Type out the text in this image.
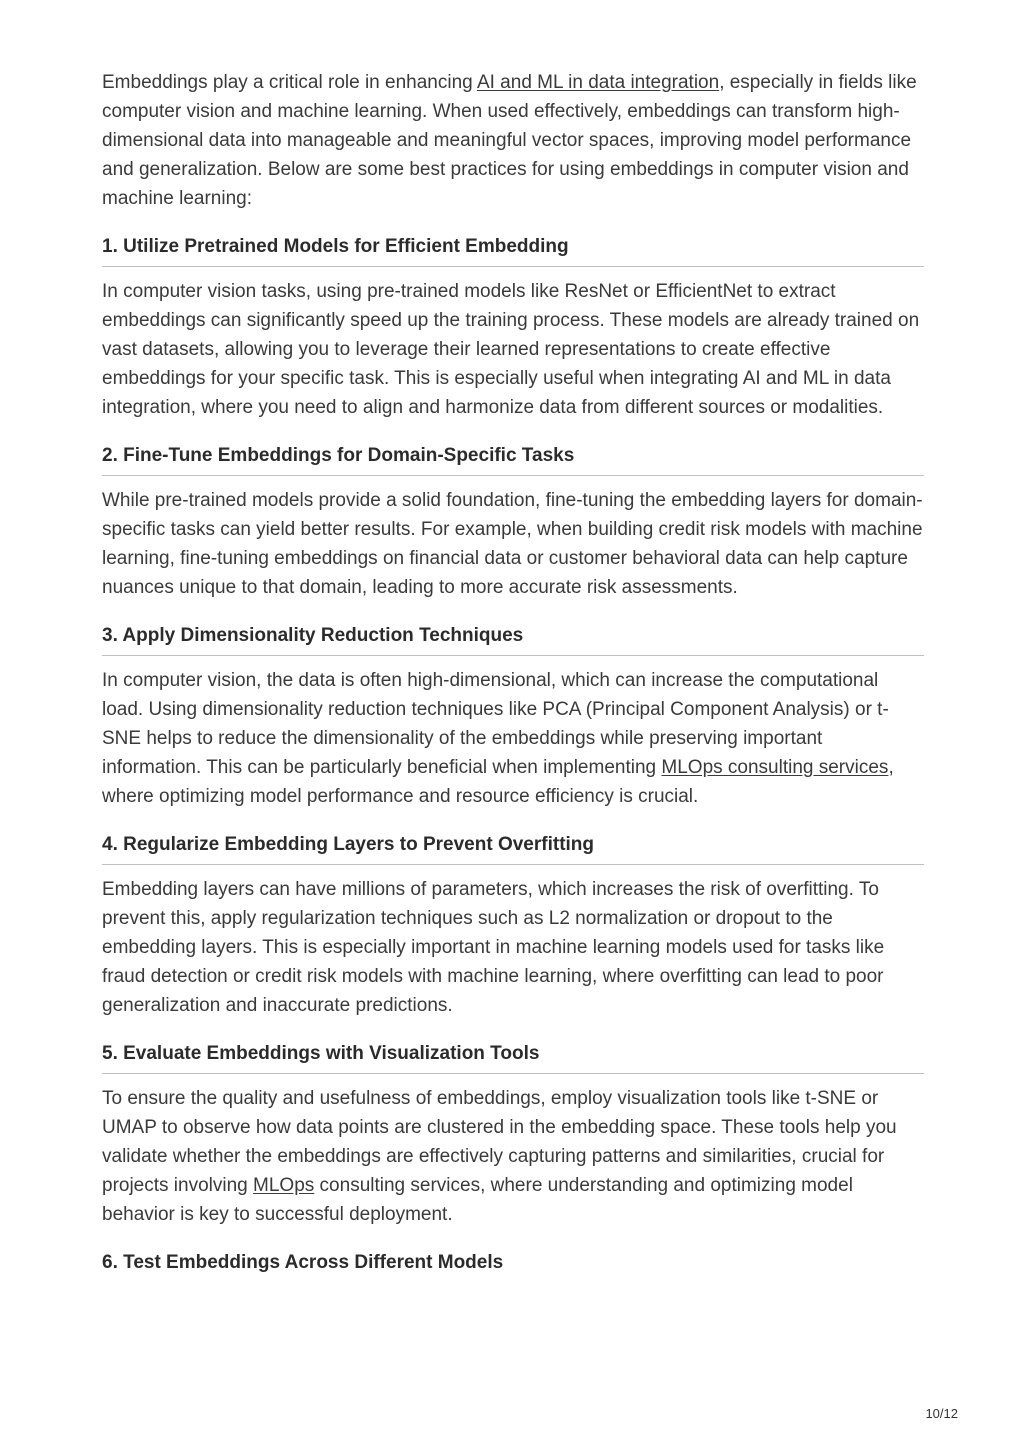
Embeddings play a critical role in enhancing AI and ML in data integration, especially in fields like computer vision and machine learning. When used effectively, embeddings can transform high-dimensional data into manageable and meaningful vector spaces, improving model performance and generalization. Below are some best practices for using embeddings in computer vision and machine learning:

1. Utilize Pretrained Models for Efficient Embedding

In computer vision tasks, using pre-trained models like ResNet or EfficientNet to extract embeddings can significantly speed up the training process. These models are already trained on vast datasets, allowing you to leverage their learned representations to create effective embeddings for your specific task. This is especially useful when integrating AI and ML in data integration, where you need to align and harmonize data from different sources or modalities.

2. Fine-Tune Embeddings for Domain-Specific Tasks

While pre-trained models provide a solid foundation, fine-tuning the embedding layers for domain-specific tasks can yield better results. For example, when building credit risk models with machine learning, fine-tuning embeddings on financial data or customer behavioral data can help capture nuances unique to that domain, leading to more accurate risk assessments.

3. Apply Dimensionality Reduction Techniques

In computer vision, the data is often high-dimensional, which can increase the computational load. Using dimensionality reduction techniques like PCA (Principal Component Analysis) or t-SNE helps to reduce the dimensionality of the embeddings while preserving important information. This can be particularly beneficial when implementing MLOps consulting services, where optimizing model performance and resource efficiency is crucial.

4. Regularize Embedding Layers to Prevent Overfitting

Embedding layers can have millions of parameters, which increases the risk of overfitting. To prevent this, apply regularization techniques such as L2 normalization or dropout to the embedding layers. This is especially important in machine learning models used for tasks like fraud detection or credit risk models with machine learning, where overfitting can lead to poor generalization and inaccurate predictions.

5. Evaluate Embeddings with Visualization Tools

To ensure the quality and usefulness of embeddings, employ visualization tools like t-SNE or UMAP to observe how data points are clustered in the embedding space. These tools help you validate whether the embeddings are effectively capturing patterns and similarities, crucial for projects involving MLOps consulting services, where understanding and optimizing model behavior is key to successful deployment.

6. Test Embeddings Across Different Models
10/12
